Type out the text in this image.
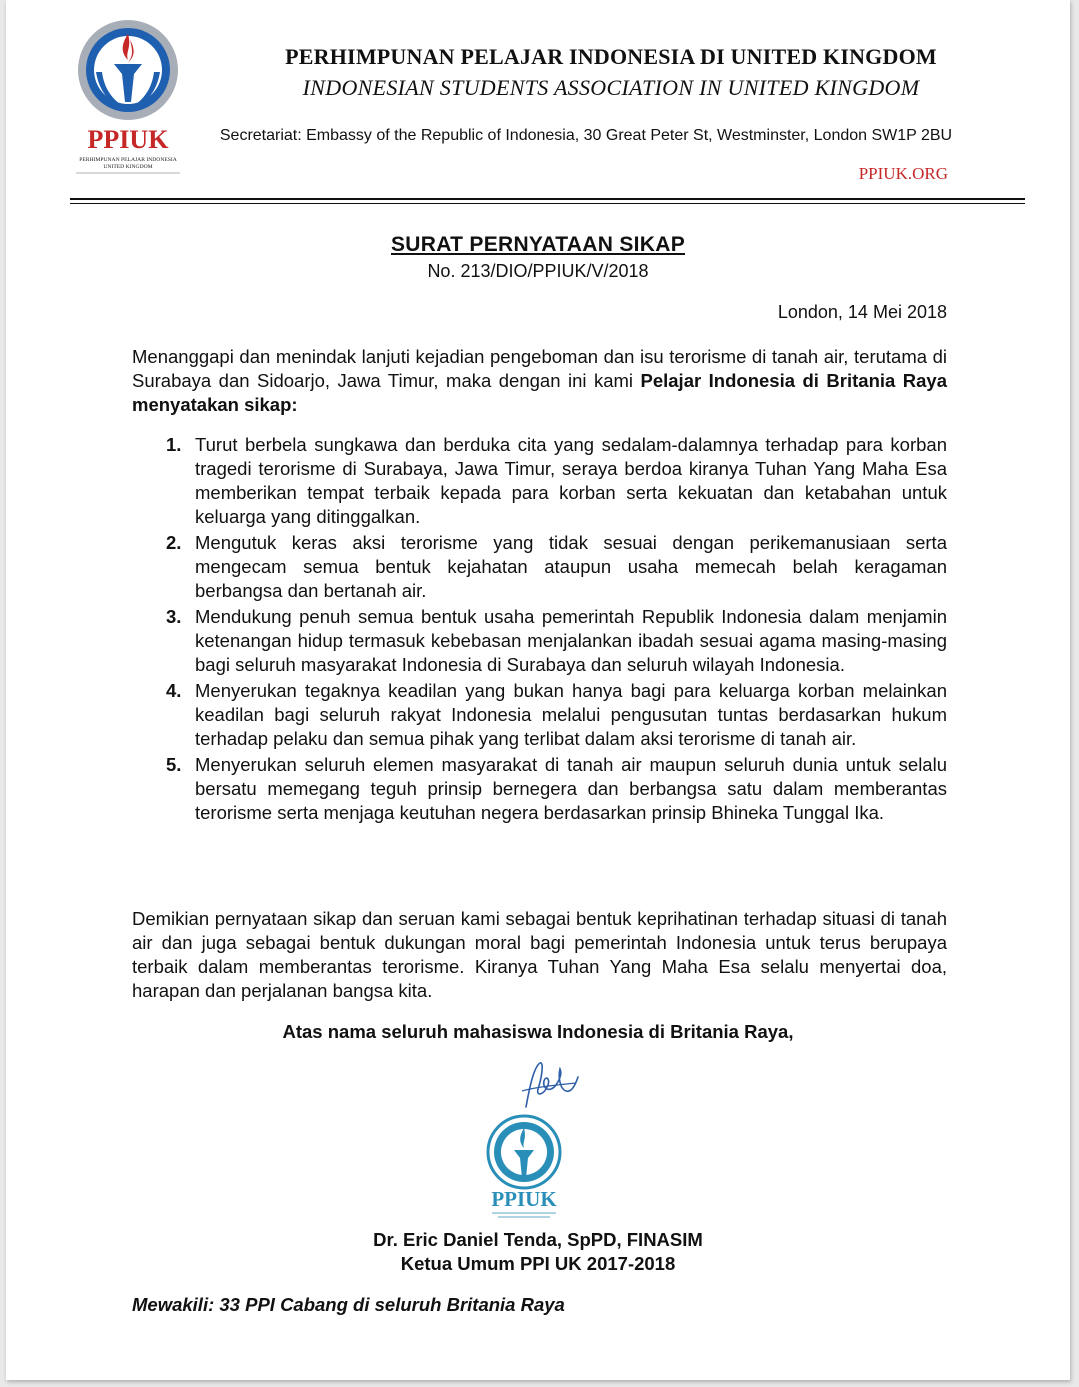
PPIUK
PERHIMPUNAN PELAJAR INDONESIA
UNITED KINGDOM
PERHIMPUNAN PELAJAR INDONESIA DI UNITED KINGDOM
INDONESIAN STUDENTS ASSOCIATION IN UNITED KINGDOM
Secretariat: Embassy of the Republic of Indonesia, 30 Great Peter St, Westminster, London SW1P 2BU
PPIUK.ORG
SURAT PERNYATAAN SIKAP
No. 213/DIO/PPIUK/V/2018
London, 14 Mei 2018
Menanggapi dan menindak lanjuti kejadian pengeboman dan isu terorisme di tanah air, terutama di Surabaya dan Sidoarjo, Jawa Timur, maka dengan ini kami Pelajar Indonesia di Britania Raya menyatakan sikap:
1. Turut berbela sungkawa dan berduka cita yang sedalam-dalamnya terhadap para korban tragedi terorisme di Surabaya, Jawa Timur, seraya berdoa kiranya Tuhan Yang Maha Esa memberikan tempat terbaik kepada para korban serta kekuatan dan ketabahan untuk keluarga yang ditinggalkan.
2. Mengutuk keras aksi terorisme yang tidak sesuai dengan perikemanusiaan serta mengecam semua bentuk kejahatan ataupun usaha memecah belah keragaman berbangsa dan bertanah air.
3. Mendukung penuh semua bentuk usaha pemerintah Republik Indonesia dalam menjamin ketenangan hidup termasuk kebebasan menjalankan ibadah sesuai agama masing-masing bagi seluruh masyarakat Indonesia di Surabaya dan seluruh wilayah Indonesia.
4. Menyerukan tegaknya keadilan yang bukan hanya bagi para keluarga korban melainkan keadilan bagi seluruh rakyat Indonesia melalui pengusutan tuntas berdasarkan hukum terhadap pelaku dan semua pihak yang terlibat dalam aksi terorisme di tanah air.
5. Menyerukan seluruh elemen masyarakat di tanah air maupun seluruh dunia untuk selalu bersatu memegang teguh prinsip bernegera dan berbangsa satu dalam memberantas terorisme serta menjaga keutuhan negera berdasarkan prinsip Bhineka Tunggal Ika.
Demikian pernyataan sikap dan seruan kami sebagai bentuk keprihatinan terhadap situasi di tanah air dan juga sebagai bentuk dukungan moral bagi pemerintah Indonesia untuk terus berupaya terbaik dalam memberantas terorisme. Kiranya Tuhan Yang Maha Esa selalu menyertai doa, harapan dan perjalanan bangsa kita.
Atas nama seluruh mahasiswa Indonesia di Britania Raya,
PPIUK
Dr. Eric Daniel Tenda, SpPD, FINASIM
Ketua Umum PPI UK 2017-2018
Mewakili: 33 PPI Cabang di seluruh Britania Raya
